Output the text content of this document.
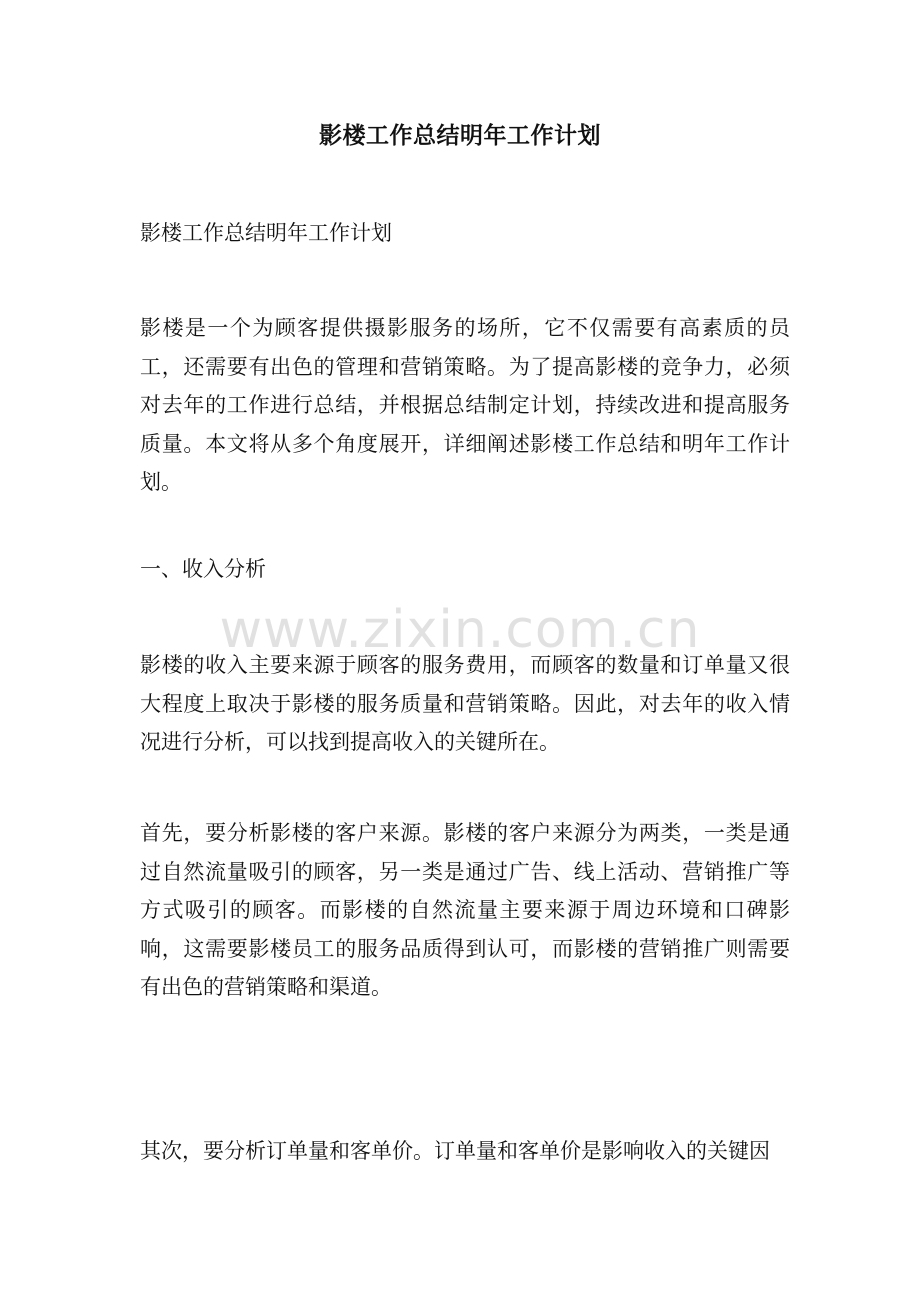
影楼工作总结明年工作计划

影楼工作总结明年工作计划

影楼是一个为顾客提供摄影服务的场所，它不仅需要有高素质的员工，还需要有出色的管理和营销策略。为了提高影楼的竞争力，必须对去年的工作进行总结，并根据总结制定计划，持续改进和提高服务质量。本文将从多个角度展开，详细阐述影楼工作总结和明年工作计划。

一、收入分析

影楼的收入主要来源于顾客的服务费用，而顾客的数量和订单量又很大程度上取决于影楼的服务质量和营销策略。因此，对去年的收入情况进行分析，可以找到提高收入的关键所在。

首先，要分析影楼的客户来源。影楼的客户来源分为两类，一类是通过自然流量吸引的顾客，另一类是通过广告、线上活动、营销推广等方式吸引的顾客。而影楼的自然流量主要来源于周边环境和口碑影响，这需要影楼员工的服务品质得到认可，而影楼的营销推广则需要有出色的营销策略和渠道。

其次，要分析订单量和客单价。订单量和客单价是影响收入的关键因

www.zixin.com.cn
